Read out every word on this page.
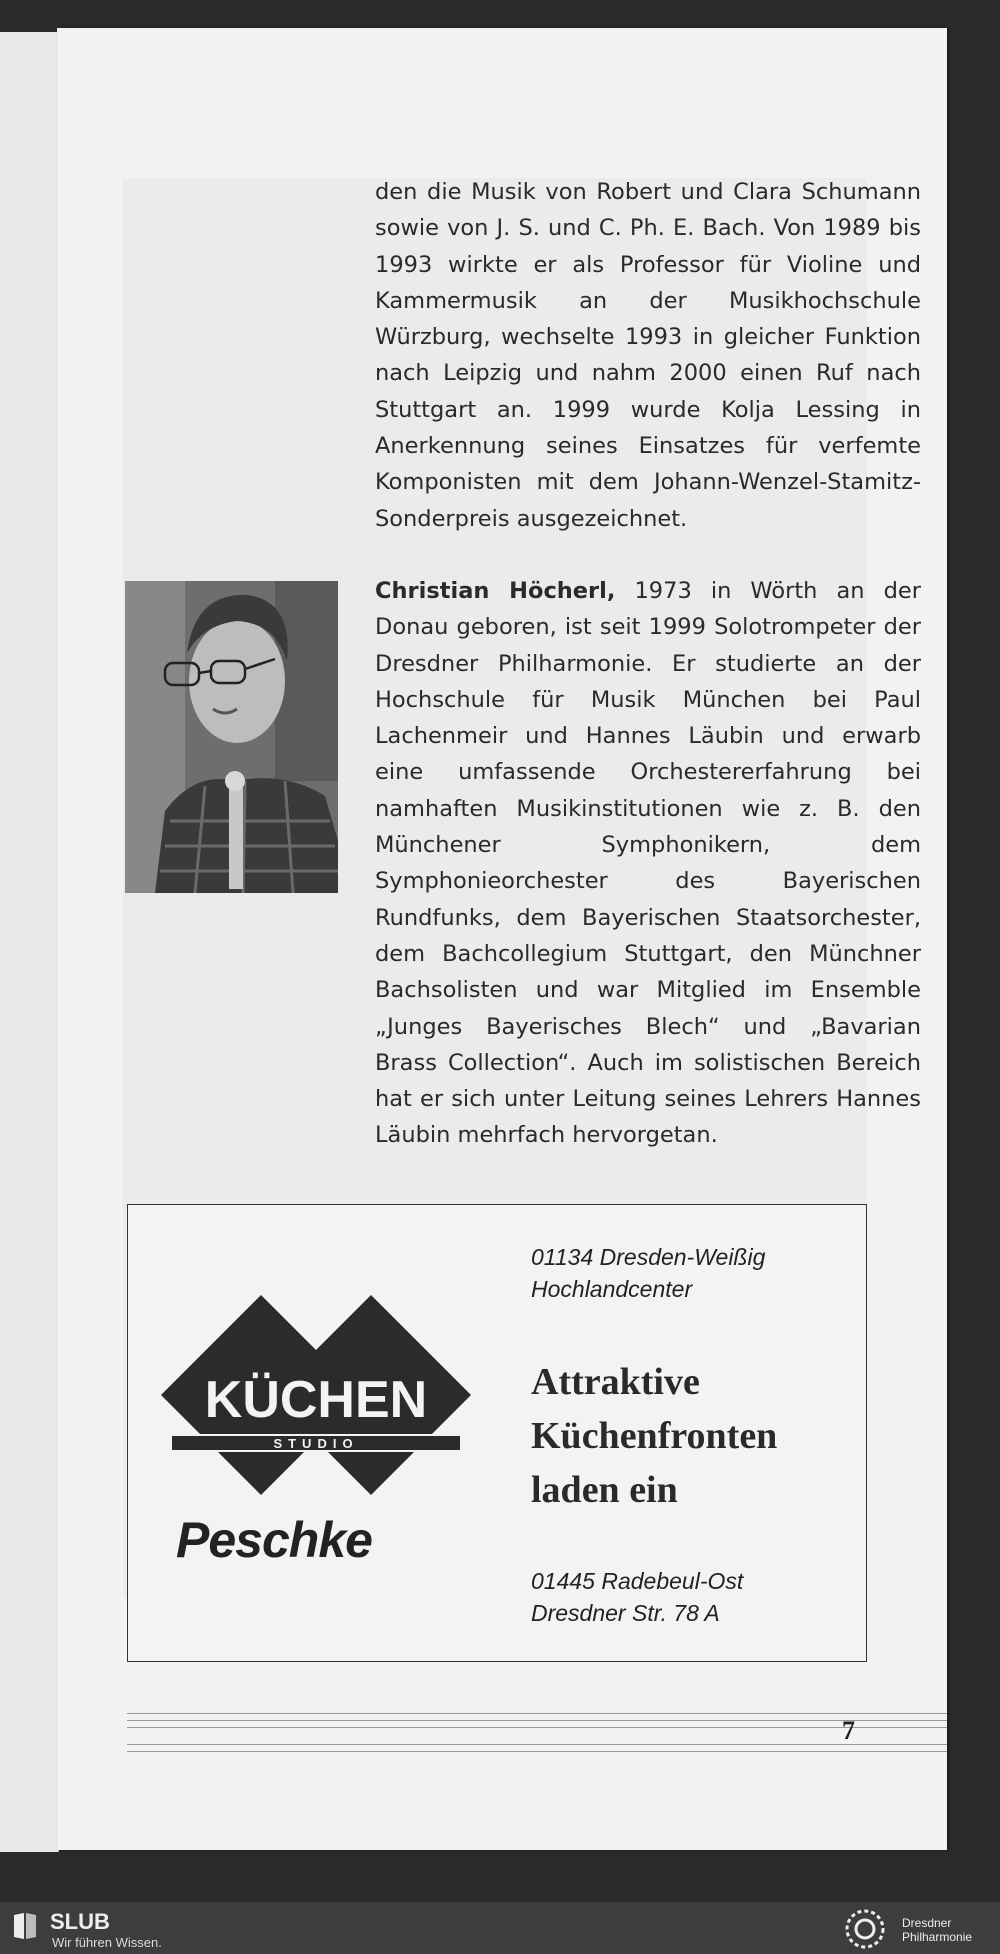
den die Musik von Robert und Clara Schumann sowie von J. S. und C. Ph. E. Bach. Von 1989 bis 1993 wirkte er als Professor für Violine und Kammermusik an der Musikhochschule Würzburg, wechselte 1993 in gleicher Funktion nach Leipzig und nahm 2000 einen Ruf nach Stuttgart an. 1999 wurde Kolja Lessing in Anerkennung seines Einsatzes für verfemte Komponisten mit dem Johann-Wenzel-Stamitz-Sonderpreis ausgezeichnet.

Christian Höcherl, 1973 in Wörth an der Donau geboren, ist seit 1999 Solotrompeter der Dresdner Philharmonie. Er studierte an der Hochschule für Musik München bei Paul Lachenmeir und Hannes Läubin und erwarb eine umfassende Orchestererfahrung bei namhaften Musikinstitutionen wie z. B. den Münchener Symphonikern, dem Symphonieorchester des Bayerischen Rundfunks, dem Bayerischen Staatsorchester, dem Bachcollegium Stuttgart, den Münchner Bachsolisten und war Mitglied im Ensemble „Junges Bayerisches Blech“ und „Bavarian Brass Collection“. Auch im solistischen Bereich hat er sich unter Leitung seines Lehrers Hannes Läubin mehrfach hervorgetan.

KÜCHEN
STUDIO

Peschke

01134 Dresden-Weißig
Hochlandcenter
Attraktive
Küchenfronten
laden ein
01445 Radebeul-Ost
Dresdner Str. 78 A

7

SLUB

Wir führen Wissen.

Dresdner
Philharmonie
